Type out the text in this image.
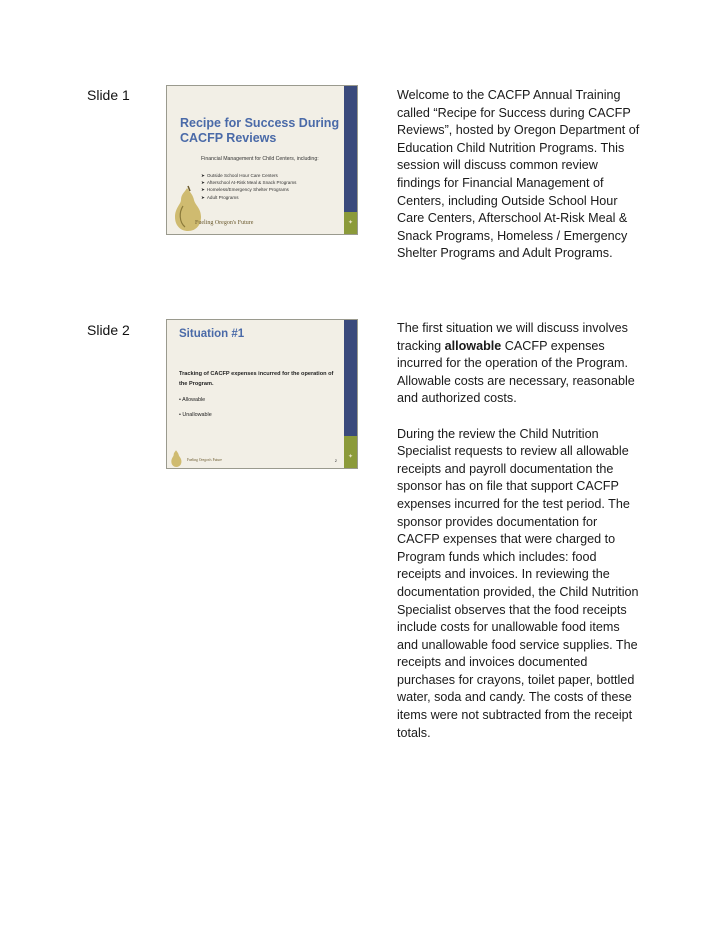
Slide 1
Recipe for Success During CACFP Reviews
Financial Management for Child Centers, including:
➤ Outside School Hour Care Centers
➤ Afterschool At-Risk Meal & Snack Programs
➤ Homeless/Emergency Shelter Programs
➤ Adult Programs
Fueling Oregon's Future	✦

Welcome to the CACFP Annual Training called “Recipe for Success during CACFP Reviews”, hosted by Oregon Department of Education Child Nutrition Programs. This session will discuss common review findings for Financial Management of Centers, including Outside School Hour Care Centers, Afterschool At-Risk Meal & Snack Programs, Homeless / Emergency Shelter Programs and Adult Programs.

Slide 2	Situation #1
Tracking of CACFP expenses incurred for the operation of the Program.
• Allowable
• Unallowable
Fueling Oregon's Future	2
✦

The first situation we will discuss involves tracking allowable CACFP expenses incurred for the operation of the Program. Allowable costs are necessary, reasonable and authorized costs.

During the review the Child Nutrition Specialist requests to review all allowable receipts and payroll documentation the sponsor has on file that support CACFP expenses incurred for the test period. The sponsor provides documentation for CACFP expenses that were charged to Program funds which includes: food receipts and invoices. In reviewing the documentation provided, the Child Nutrition Specialist observes that the food receipts include costs for unallowable food items and unallowable food service supplies. The receipts and invoices documented purchases for crayons, toilet paper, bottled water, soda and candy. The costs of these items were not subtracted from the receipt totals.
